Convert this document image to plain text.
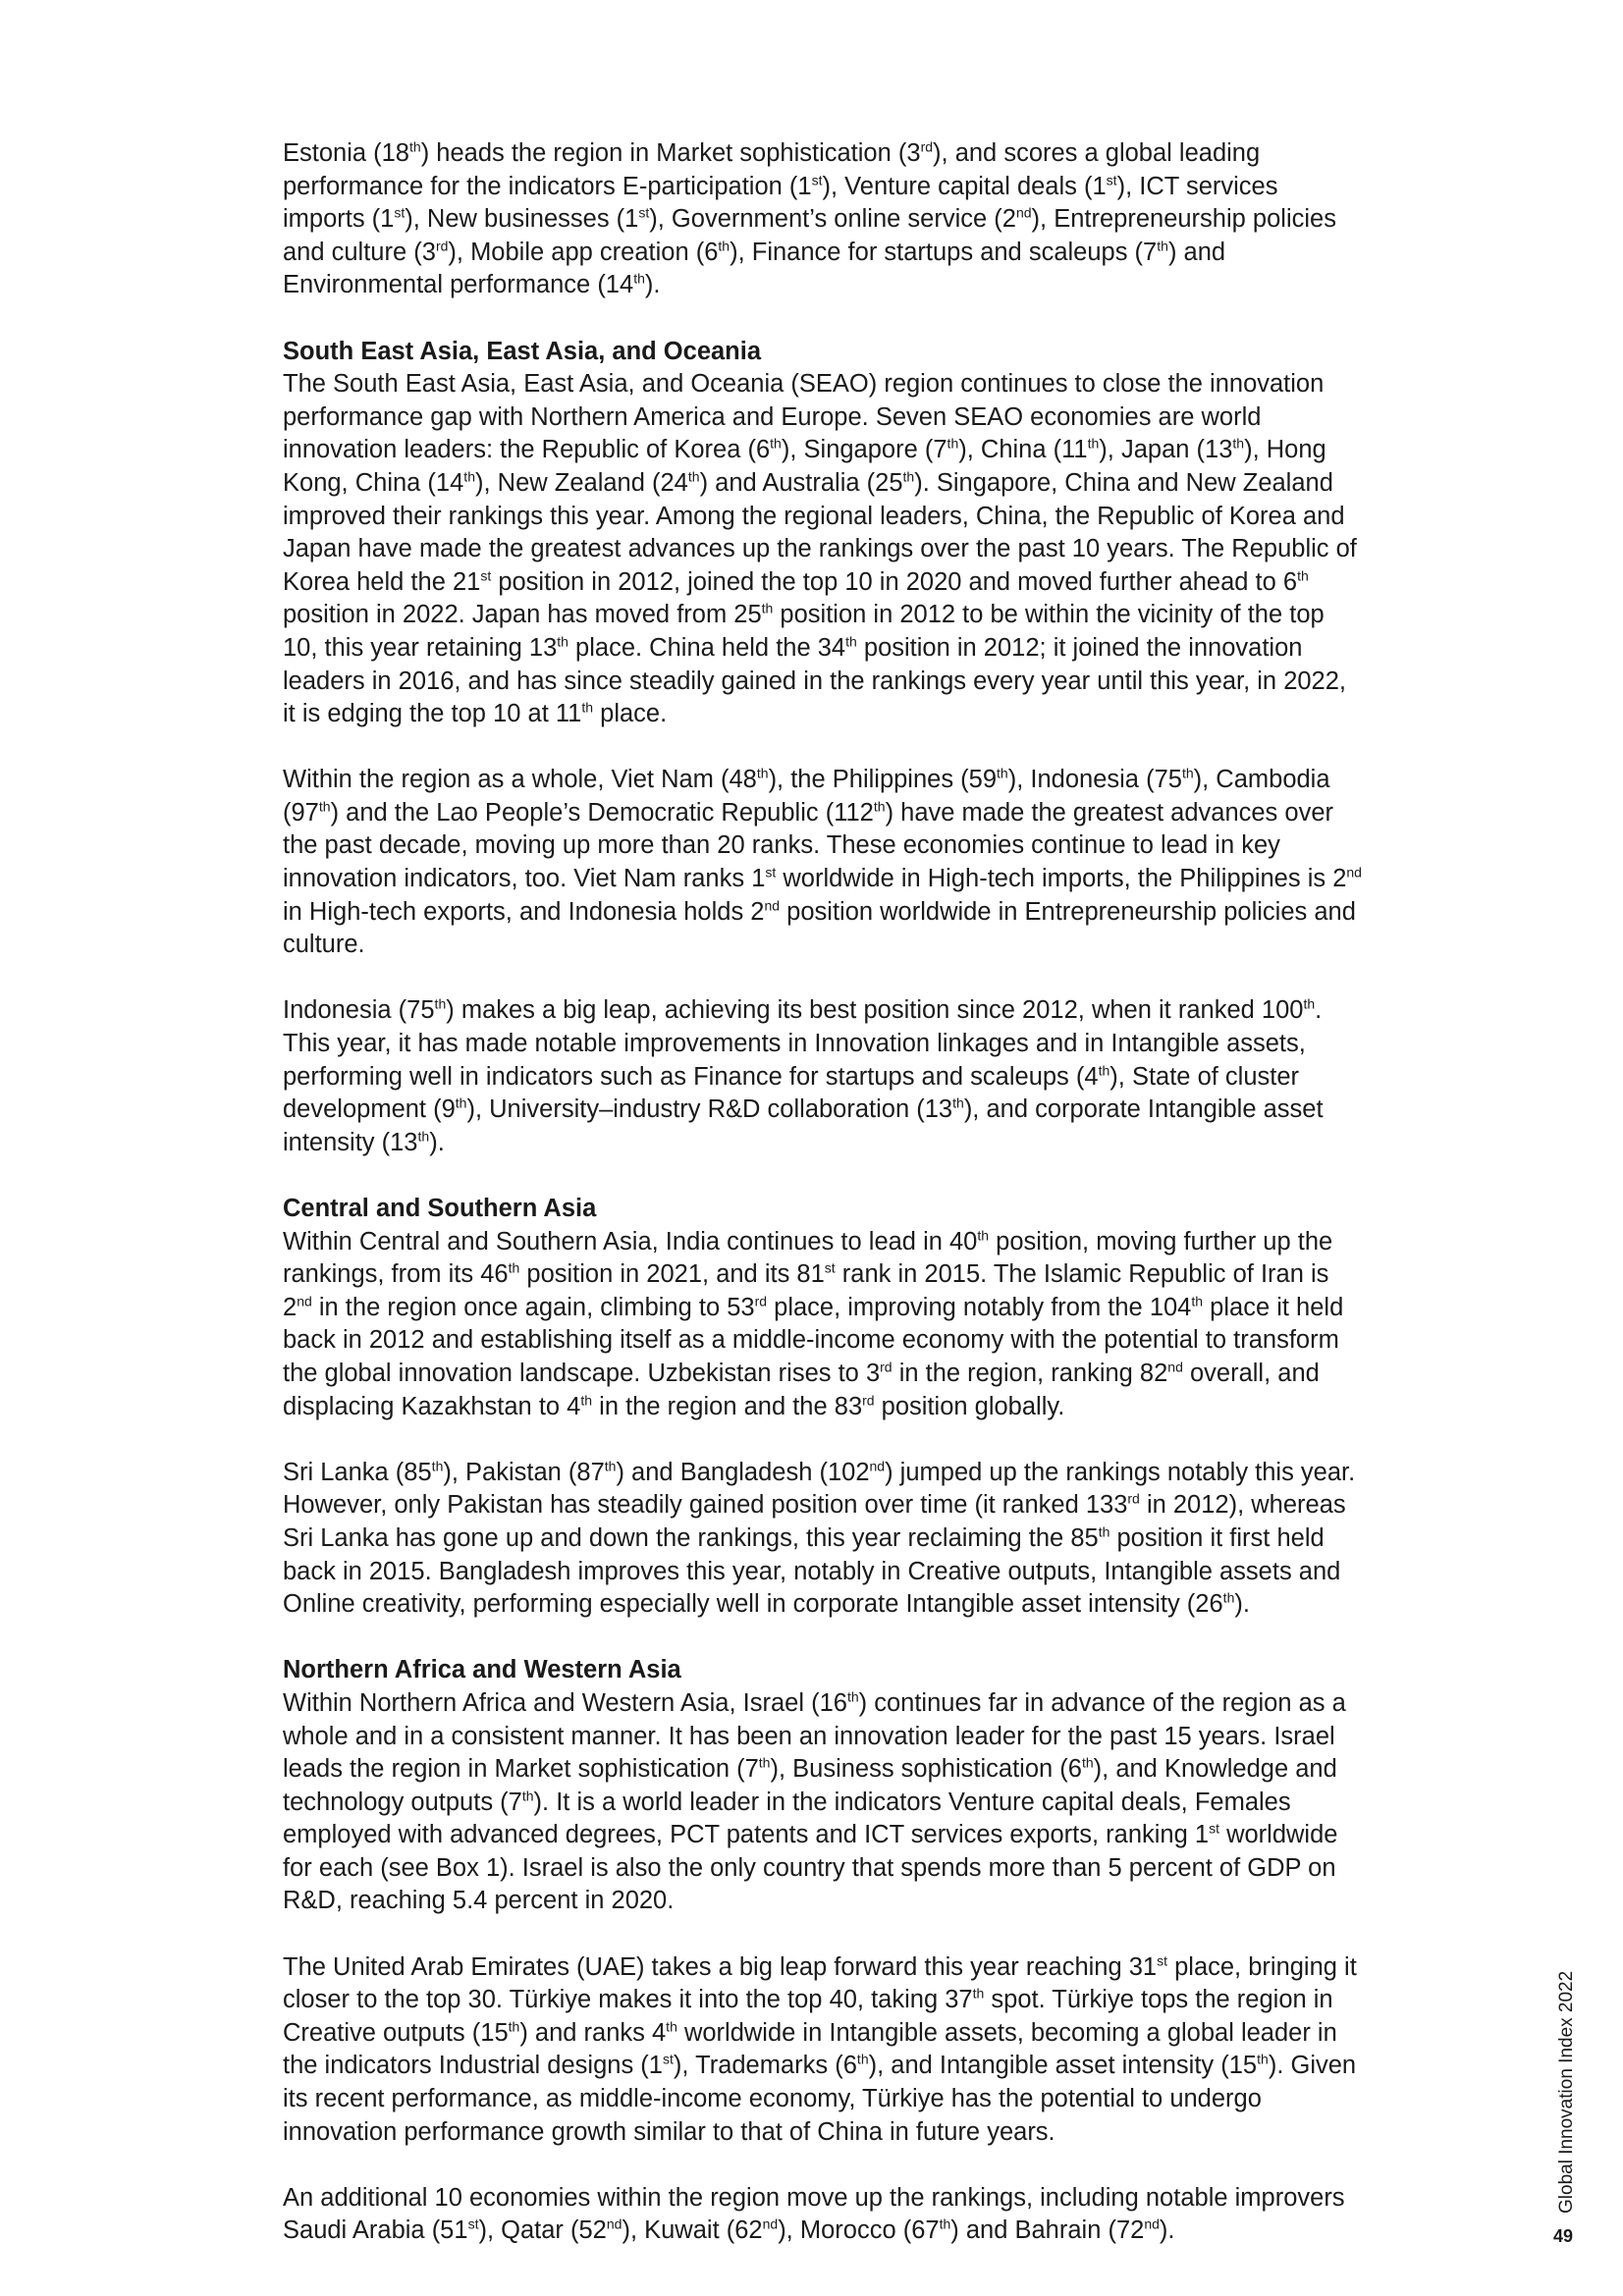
Estonia (18th) heads the region in Market sophistication (3rd), and scores a global leading performance for the indicators E-participation (1st), Venture capital deals (1st), ICT services imports (1st), New businesses (1st), Government’s online service (2nd), Entrepreneurship policies and culture (3rd), Mobile app creation (6th), Finance for startups and scaleups (7th) and Environmental performance (14th).

South East Asia, East Asia, and Oceania

The South East Asia, East Asia, and Oceania (SEAO) region continues to close the innovation performance gap with Northern America and Europe. Seven SEAO economies are world innovation leaders: the Republic of Korea (6th), Singapore (7th), China (11th), Japan (13th), Hong Kong, China (14th), New Zealand (24th) and Australia (25th). Singapore, China and New Zealand improved their rankings this year. Among the regional leaders, China, the Republic of Korea and Japan have made the greatest advances up the rankings over the past 10 years. The Republic of Korea held the 21st position in 2012, joined the top 10 in 2020 and moved further ahead to 6th position in 2022. Japan has moved from 25th position in 2012 to be within the vicinity of the top 10, this year retaining 13th place. China held the 34th position in 2012; it joined the innovation leaders in 2016, and has since steadily gained in the rankings every year until this year, in 2022, it is edging the top 10 at 11th place.

Within the region as a whole, Viet Nam (48th), the Philippines (59th), Indonesia (75th), Cambodia (97th) and the Lao People’s Democratic Republic (112th) have made the greatest advances over the past decade, moving up more than 20 ranks. These economies continue to lead in key innovation indicators, too. Viet Nam ranks 1st worldwide in High-tech imports, the Philippines is 2nd in High-tech exports, and Indonesia holds 2nd position worldwide in Entrepreneurship policies and culture.

Indonesia (75th) makes a big leap, achieving its best position since 2012, when it ranked 100th. This year, it has made notable improvements in Innovation linkages and in Intangible assets, performing well in indicators such as Finance for startups and scaleups (4th), State of cluster development (9th), University–industry R&D collaboration (13th), and corporate Intangible asset intensity (13th).

Central and Southern Asia

Within Central and Southern Asia, India continues to lead in 40th position, moving further up the rankings, from its 46th position in 2021, and its 81st rank in 2015. The Islamic Republic of Iran is 2nd in the region once again, climbing to 53rd place, improving notably from the 104th place it held back in 2012 and establishing itself as a middle-income economy with the potential to transform the global innovation landscape. Uzbekistan rises to 3rd in the region, ranking 82nd overall, and displacing Kazakhstan to 4th in the region and the 83rd position globally.

Sri Lanka (85th), Pakistan (87th) and Bangladesh (102nd) jumped up the rankings notably this year. However, only Pakistan has steadily gained position over time (it ranked 133rd in 2012), whereas Sri Lanka has gone up and down the rankings, this year reclaiming the 85th position it first held back in 2015. Bangladesh improves this year, notably in Creative outputs, Intangible assets and Online creativity, performing especially well in corporate Intangible asset intensity (26th).

Northern Africa and Western Asia

Within Northern Africa and Western Asia, Israel (16th) continues far in advance of the region as a whole and in a consistent manner. It has been an innovation leader for the past 15 years. Israel leads the region in Market sophistication (7th), Business sophistication (6th), and Knowledge and technology outputs (7th). It is a world leader in the indicators Venture capital deals, Females employed with advanced degrees, PCT patents and ICT services exports, ranking 1st worldwide for each (see Box 1). Israel is also the only country that spends more than 5 percent of GDP on R&D, reaching 5.4 percent in 2020.

The United Arab Emirates (UAE) takes a big leap forward this year reaching 31st place, bringing it closer to the top 30. Türkiye makes it into the top 40, taking 37th spot. Türkiye tops the region in Creative outputs (15th) and ranks 4th worldwide in Intangible assets, becoming a global leader in the indicators Industrial designs (1st), Trademarks (6th), and Intangible asset intensity (15th). Given its recent performance, as middle-income economy, Türkiye has the potential to undergo innovation performance growth similar to that of China in future years.

An additional 10 economies within the region move up the rankings, including notable improvers Saudi Arabia (51st), Qatar (52nd), Kuwait (62nd), Morocco (67th) and Bahrain (72nd).

Global Innovation Index 2022
49
